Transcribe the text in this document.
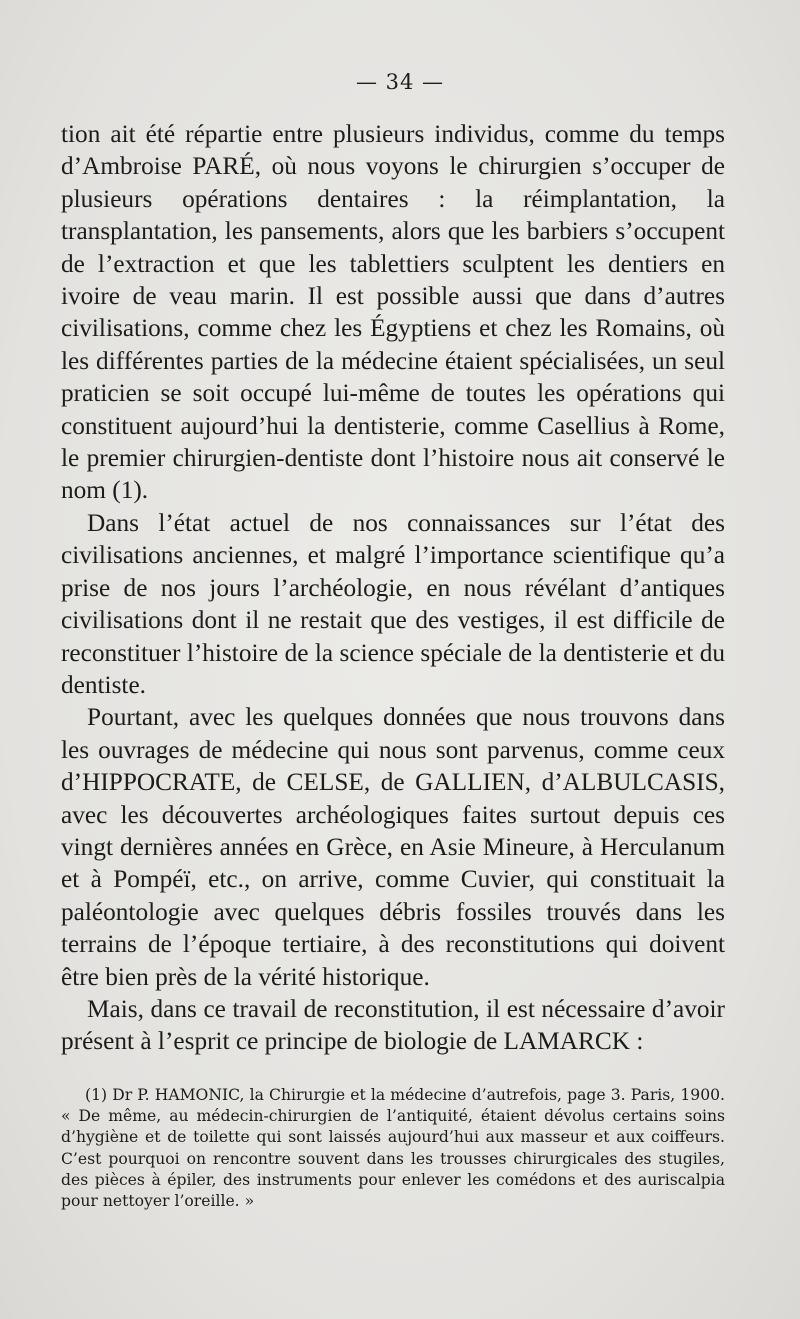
— 34 —

tion ait été répartie entre plusieurs individus, comme du temps d’Ambroise PARÉ, où nous voyons le chirurgien s’occuper de plusieurs opérations dentaires : la réimplantation, la transplantation, les pansements, alors que les barbiers s’occupent de l’extraction et que les tablettiers sculptent les dentiers en ivoire de veau marin. Il est possible aussi que dans d’autres civilisations, comme chez les Égyptiens et chez les Romains, où les différentes parties de la médecine étaient spécialisées, un seul praticien se soit occupé lui-même de toutes les opérations qui constituent aujourd’hui la dentisterie, comme Casellius à Rome, le premier chirurgien-dentiste dont l’histoire nous ait conservé le nom (1).

Dans l’état actuel de nos connaissances sur l’état des civilisations anciennes, et malgré l’importance scientifique qu’a prise de nos jours l’archéologie, en nous révélant d’antiques civilisations dont il ne restait que des vestiges, il est difficile de reconstituer l’histoire de la science spéciale de la dentisterie et du dentiste.

Pourtant, avec les quelques données que nous trouvons dans les ouvrages de médecine qui nous sont parvenus, comme ceux d’HIPPOCRATE, de CELSE, de GALLIEN, d’ALBULCASIS, avec les découvertes archéologiques faites surtout depuis ces vingt dernières années en Grèce, en Asie Mineure, à Herculanum et à Pompéï, etc., on arrive, comme Cuvier, qui constituait la paléontologie avec quelques débris fossiles trouvés dans les terrains de l’époque tertiaire, à des reconstitutions qui doivent être bien près de la vérité historique.

Mais, dans ce travail de reconstitution, il est nécessaire d’avoir présent à l’esprit ce principe de biologie de LAMARCK :

(1) Dr P. HAMONIC, la Chirurgie et la médecine d’autrefois, page 3. Paris, 1900. « De même, au médecin-chirurgien de l’antiquité, étaient dévolus certains soins d’hygiène et de toilette qui sont laissés aujourd’hui aux masseur et aux coiffeurs. C’est pourquoi on rencontre souvent dans les trousses chirurgicales des stugiles, des pièces à épiler, des instruments pour enlever les comédons et des auriscalpia pour nettoyer l’oreille. »
